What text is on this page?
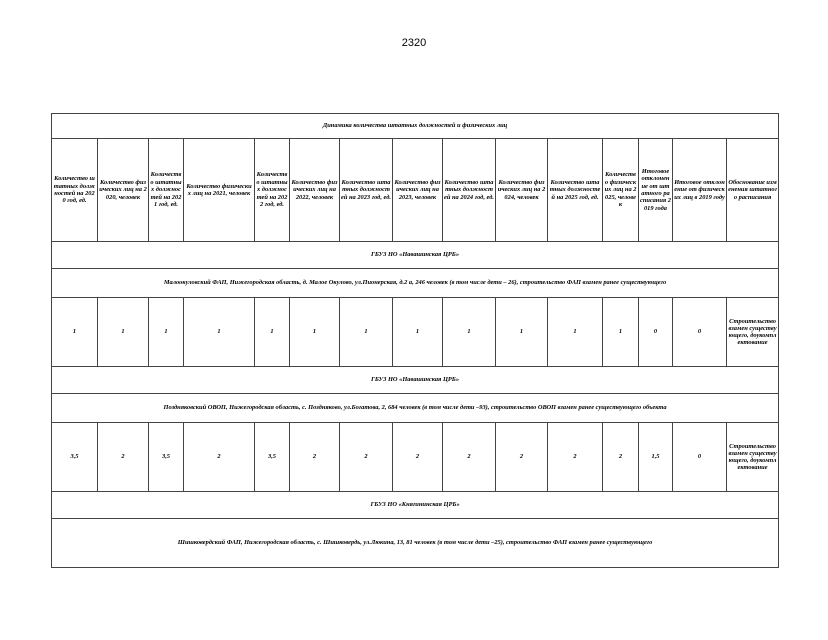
2320
Динамика количества штатных должностей и физических лиц														
Количество штатных должностей на 2020 год, ед.	Количество физических лиц на 2020, человек	Количество штатных должностей на 2021 год, ед.	Количество физических лиц на 2021, человек	Количество штатных должностей на 2022 год, ед.	Количество физических лиц на 2022, человек	Количество штатных должностей на 2023 год, ед.	Количество физических лиц на 2023, человек	Количество штатных должностей на 2024 год, ед.	Количество физических лиц на 2024, человек	Количество штатных должностей на 2025 год, ед.	Количество физических лиц на 2025, человек	Итоговое отклонение от штатного расписания 2019 года	Итоговое отклонение от физических лиц в 2019 году	Обоснование изменения штатного расписания
ГБУЗ НО «Навашинская ЦРБ»														
Малоокуловский ФАП, Нижегородская область, д. Малое Окулово, ул.Пионерская, д.2 а, 246 человек (в том числе дети – 26), строительство ФАП взамен ранее существующего														
1	1	1	1	1	1	1	1	1	1	1	1	0	0	Строительство взамен существующего, доукомплектование
ГБУЗ НО «Навашинская ЦРБ»														
Поздняковский ОВОП, Нижегородская область, с. Поздняково, ул.Богатова, 2, 684 человек (в том числе дети –93), строительство ОВОП взамен ранее существующего объекта														
3,5	2	3,5	2	3,5	2	2	2	2	2	2	2	1,5	0	Строительство взамен существующего, доукомплектование
ГБУЗ НО «Княгининская ЦРБ»														
Шишковердский ФАП, Нижегородская область, с. Шишковердь, ул.Люкина, 13, 81 человек (в том числе дети –25), строительство ФАП взамен ранее существующего														
